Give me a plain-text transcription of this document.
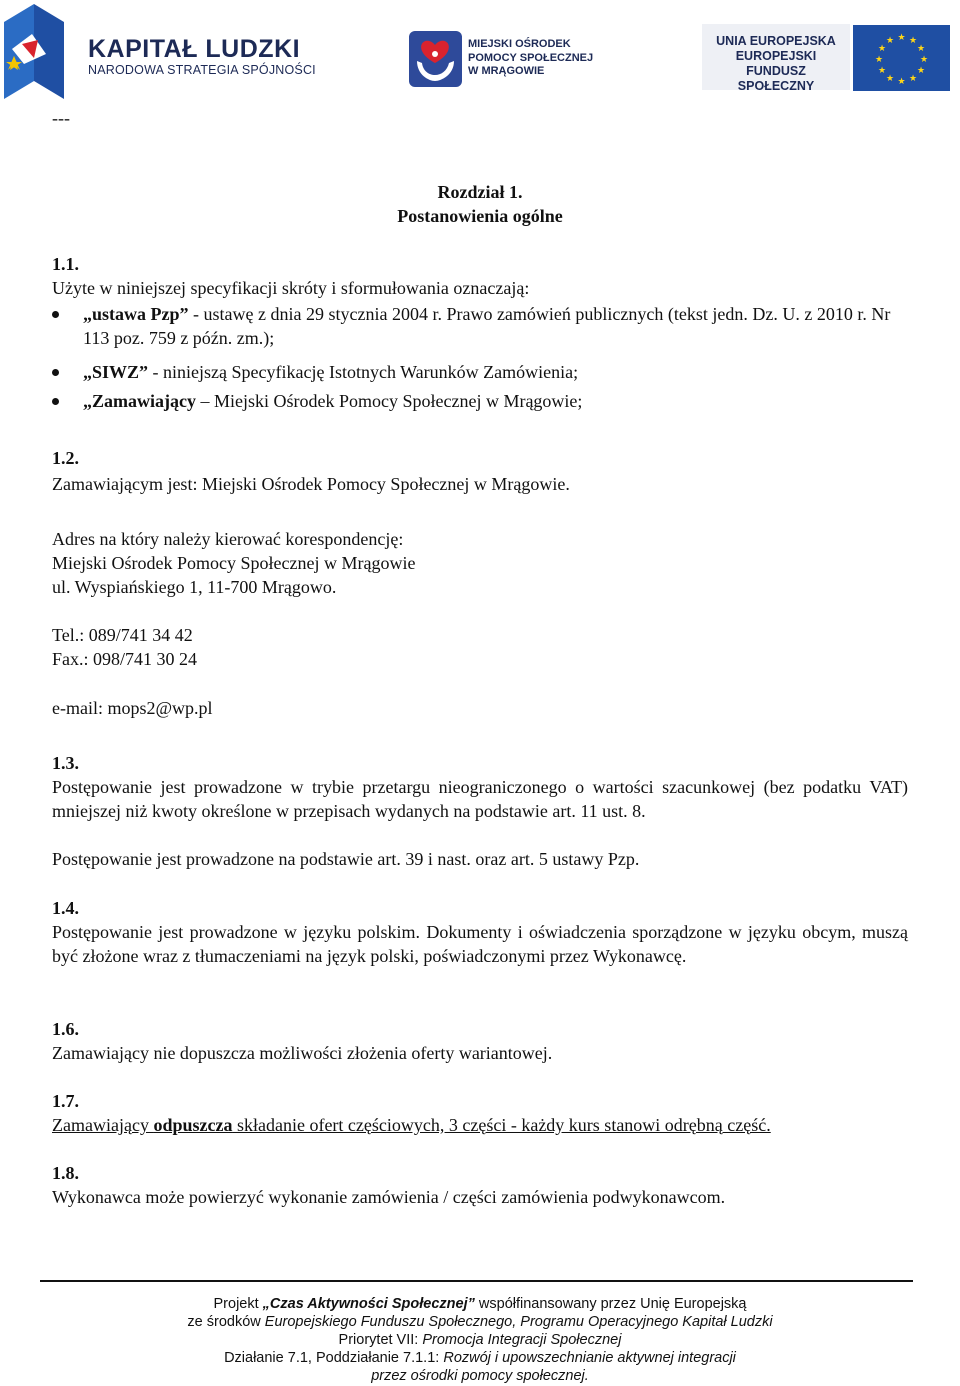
KAPITAŁ LUDZKI
NARODOWA STRATEGIA SPÓJNOŚCI
MIEJSKI OŚRODEK
POMOCY SPOŁECZNEJ
W MRĄGOWIE
UNIA EUROPEJSKA
EUROPEJSKI
FUNDUSZ SPOŁECZNY
★ ★
★
★
★
★
★
★
★
★
★
★
---
Rozdział 1.
Postanowienia ogólne
1.1.
Użyte w niniejszej specyfikacji skróty i sformułowania oznaczają:
„ustawa Pzp” - ustawę z dnia 29 stycznia 2004 r. Prawo zamówień publicznych (tekst jedn. Dz. U. z 2010 r. Nr 113 poz. 759 z późn. zm.);
„SIWZ” - niniejszą Specyfikację Istotnych Warunków Zamówienia;
„Zamawiający – Miejski Ośrodek Pomocy Społecznej w Mrągowie;
1.2.
Zamawiającym jest: Miejski Ośrodek Pomocy Społecznej w Mrągowie.
Adres na który należy kierować korespondencję:
Miejski Ośrodek Pomocy Społecznej w Mrągowie
ul. Wyspiańskiego 1, 11-700 Mrągowo.
Tel.: 089/741 34 42
Fax.: 098/741 30 24
e-mail: mops2@wp.pl
1.3.
Postępowanie jest prowadzone w trybie przetargu nieograniczonego o wartości szacunkowej (bez podatku VAT) mniejszej niż kwoty określone w przepisach wydanych na podstawie art. 11 ust. 8.
Postępowanie jest prowadzone na podstawie art. 39 i nast. oraz art. 5 ustawy Pzp.
1.4.
Postępowanie jest prowadzone w języku polskim. Dokumenty i oświadczenia sporządzone w języku obcym, muszą być złożone wraz z tłumaczeniami na język polski, poświadczonymi przez Wykonawcę.
1.6.
Zamawiający nie dopuszcza możliwości złożenia oferty wariantowej.
1.7.
Zamawiający odpuszcza składanie ofert częściowych, 3 części - każdy kurs stanowi odrębną część.
1.8.
Wykonawca może powierzyć wykonanie zamówienia / części zamówienia podwykonawcom.
Projekt „Czas Aktywności Społecznej” współfinansowany przez Unię Europejską
ze środków Europejskiego Funduszu Społecznego, Programu Operacyjnego Kapitał Ludzki
Priorytet VII: Promocja Integracji Społecznej
Działanie 7.1, Poddziałanie 7.1.1: Rozwój i upowszechnianie aktywnej integracji
przez ośrodki pomocy społecznej.
